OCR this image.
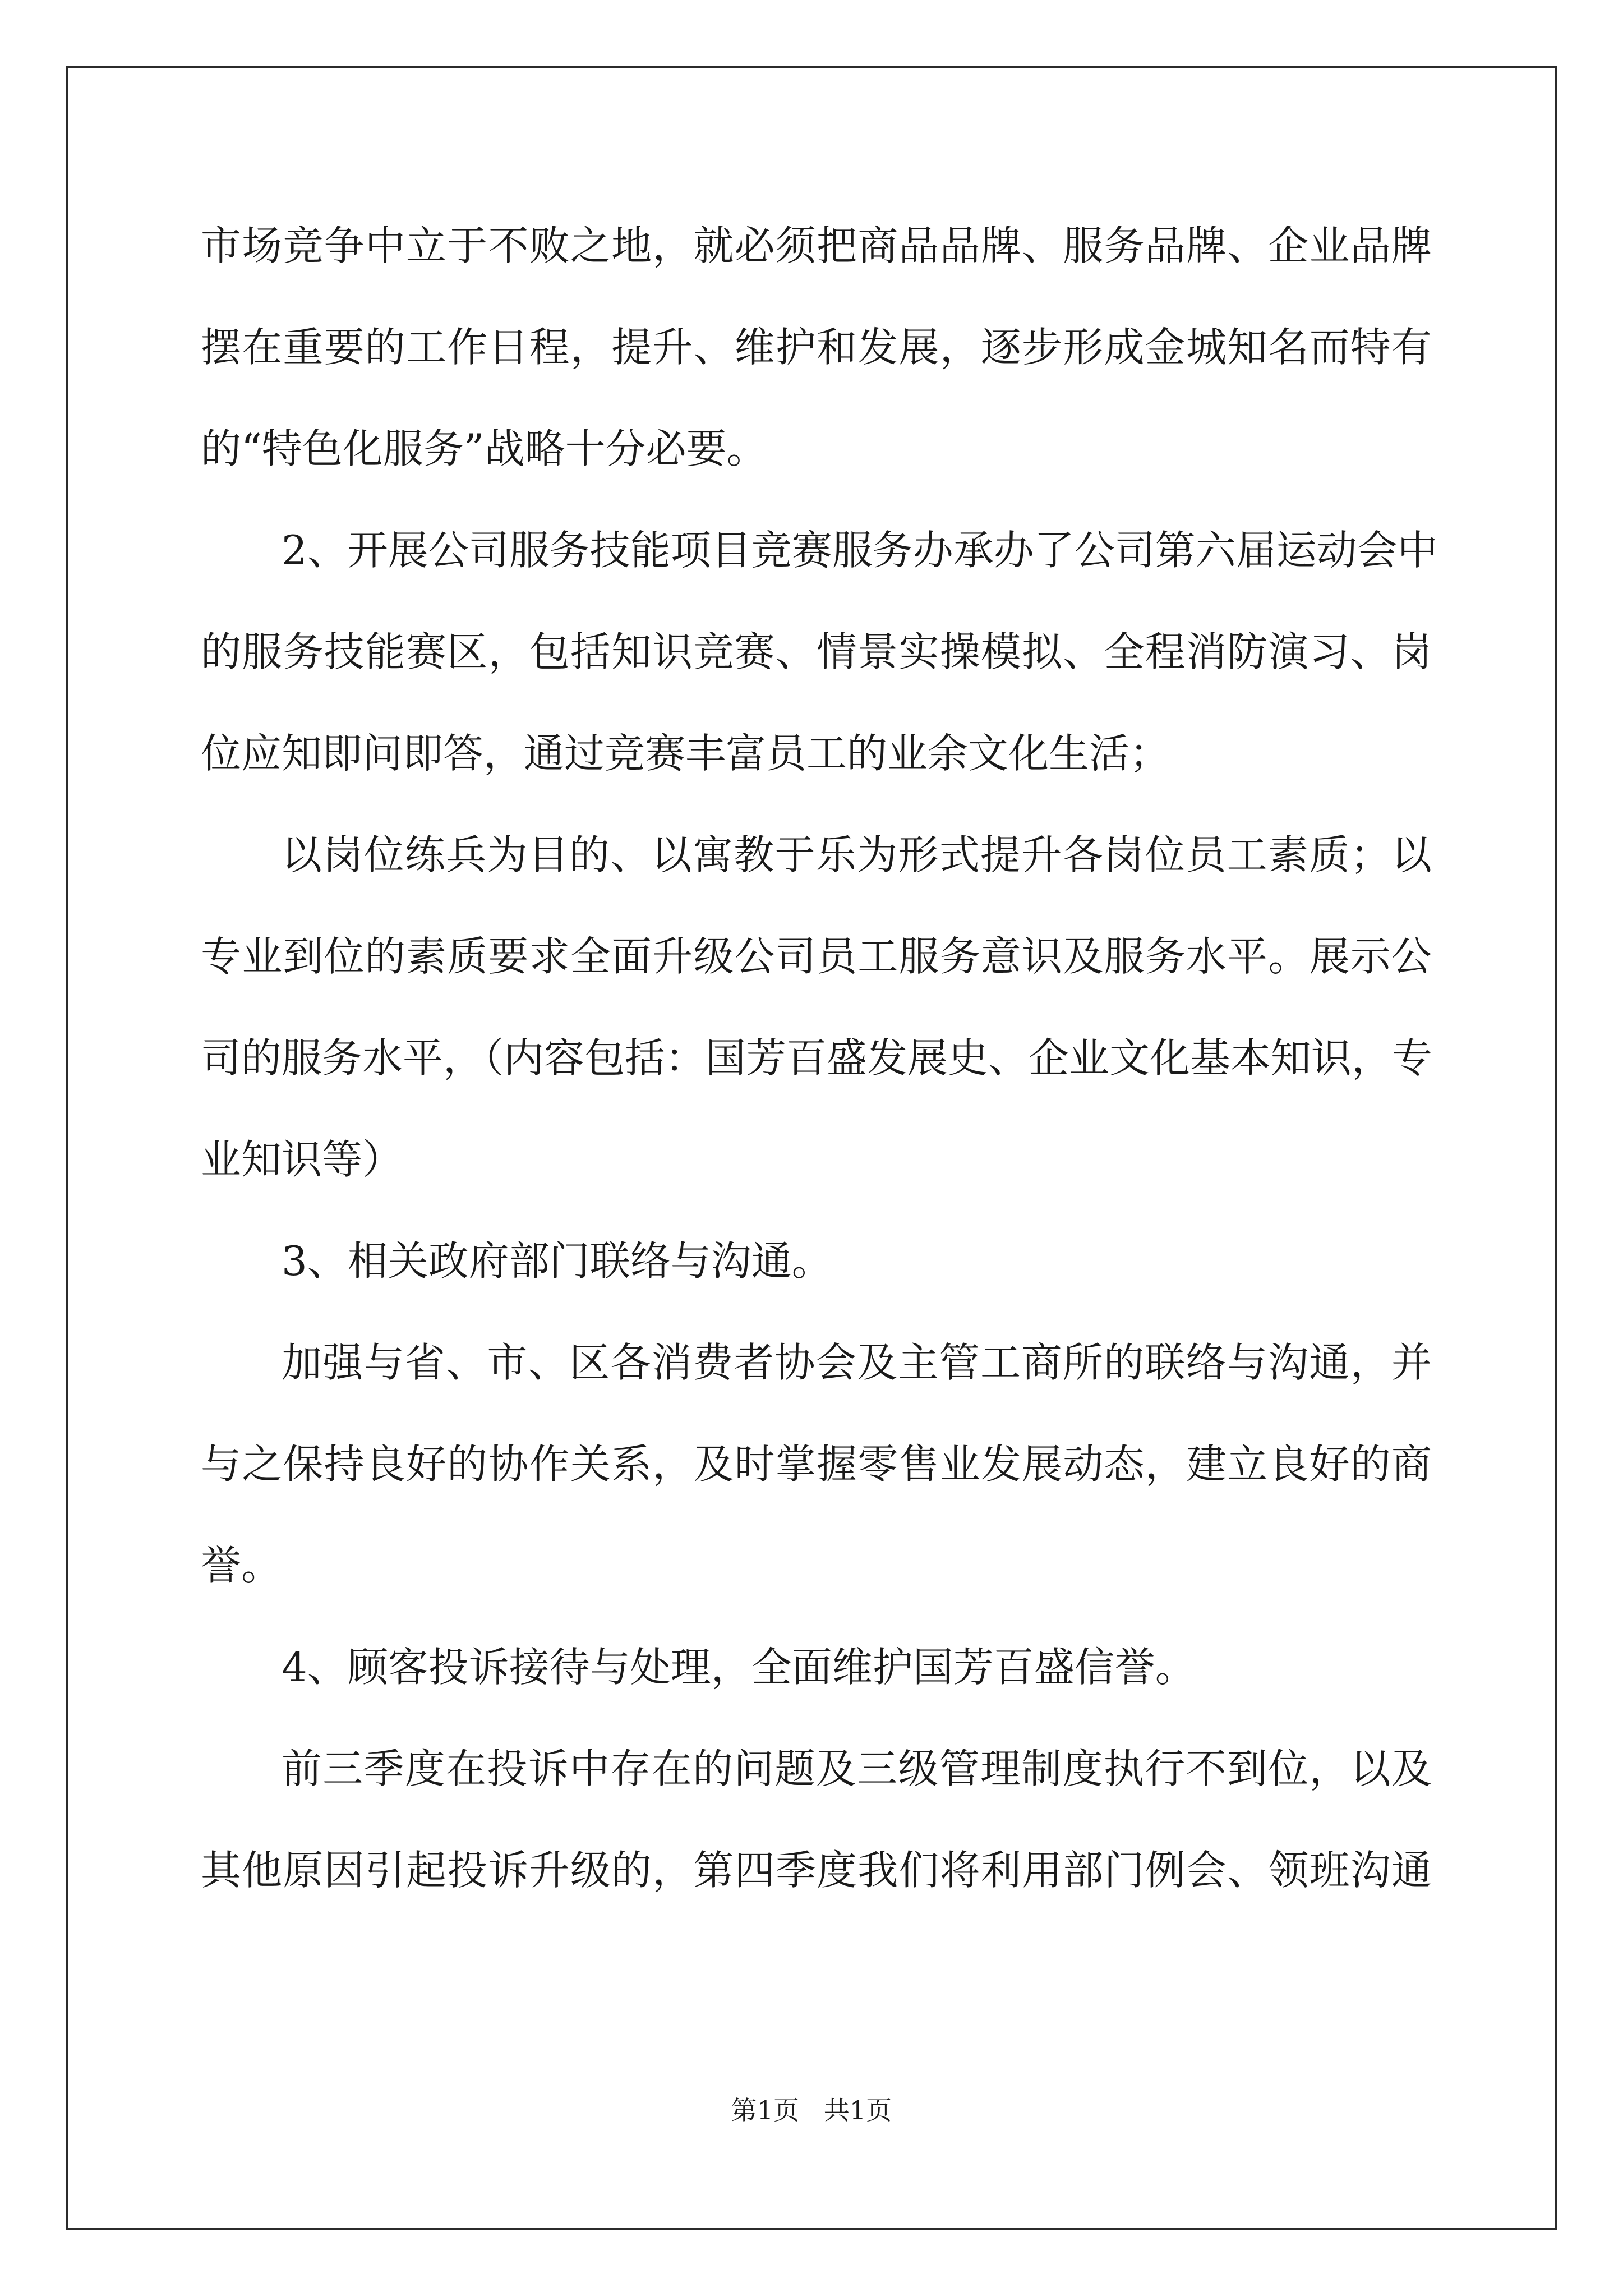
市场竞争中立于不败之地，就必须把商品品牌、服务品牌、企业品牌
摆在重要的工作日程，提升、维护和发展，逐步形成金城知名而特有
的“特色化服务”战略十分必要。
2、开展公司服务技能项目竞赛服务办承办了公司第六届运动会中
的服务技能赛区，包括知识竞赛、情景实操模拟、全程消防演习、岗
位应知即问即答，通过竞赛丰富员工的业余文化生活；
以岗位练兵为目的、以寓教于乐为形式提升各岗位员工素质；以
专业到位的素质要求全面升级公司员工服务意识及服务水平。展示公
司的服务水平，（内容包括：国芳百盛发展史、企业文化基本知识，专
业知识等）
3、相关政府部门联络与沟通。
加强与省、市、区各消费者协会及主管工商所的联络与沟通，并
与之保持良好的协作关系，及时掌握零售业发展动态，建立良好的商
誉。
4、顾客投诉接待与处理，全面维护国芳百盛信誉。
前三季度在投诉中存在的问题及三级管理制度执行不到位，以及
其他原因引起投诉升级的，第四季度我们将利用部门例会、领班沟通
第1页   共1页
